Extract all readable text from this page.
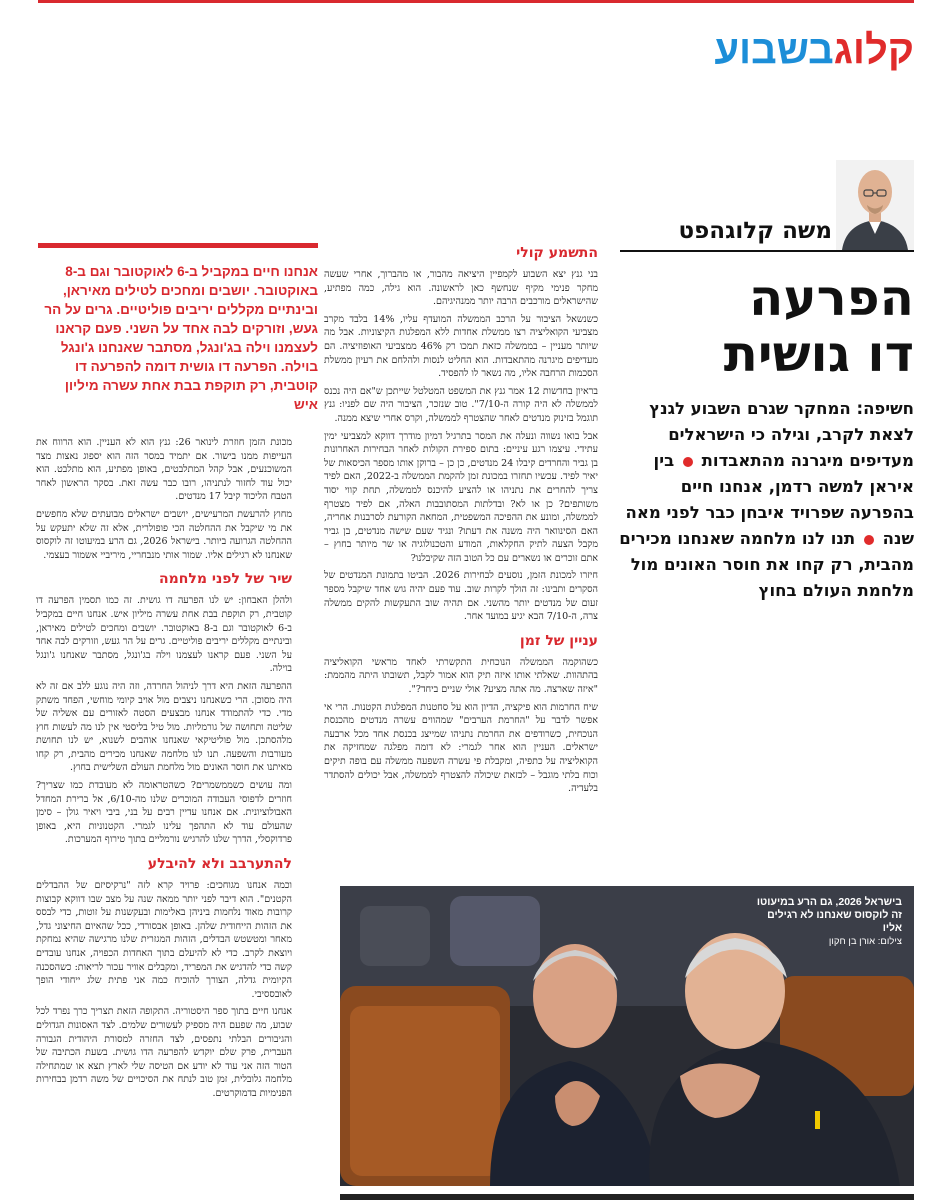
קלוגבשבוע
משה קלוגהפט
הפרעה
דו גושית
חשיפה: המחקר שגרם השבוע לגנץ לצאת לקרב, וגילה כי הישראלים מעדיפים מיגרנה מהתאבדות  בין איראן למשה רדמן, אנחנו חיים בהפרעה שפרויד איבחן כבר לפני מאה שנה  תנו לנו מלחמה שאנחנו מכירים מהבית, רק קחו את חוסר האונים מול מלחמת העולם בחוץ
אנחנו חיים במקביל ב-6 לאוקטובר וגם ב-8 באוקטובר. יושבים ומחכים לטילים מאיראן, ובינתיים מקללים יריבים פוליטיים. גרים על הר געש, וזורקים לבה אחד על השני. פעם קראנו לעצמנו וילה בג'ונגל, מסתבר שאנחנו ג'ונגל בוילה. הפרעה דו גושית דומה להפרעה דו קוטבית, רק תוקפת בבת אחת עשרה מיליון איש
התשמע קולי

בני גנץ יצא השבוע לקמפיין היציאה מהבור, או מהברוך, אחרי שעשה מחקר פנימי מקיף שנחשף כאן לראשונה. הוא גילה, כמה מפתיע, שהישראלים מורכבים הרבה יותר ממנהיגיהם.

כשנשאל הציבור על הרכב הממשלה המועדף עליו, 14% בלבד מקרב מצביעי הקואליציה רצו ממשלת אחדות ללא המפלגות הקיצוניות. אבל מה שיותר מעניין – בממשלה כזאת תמכו רק 46% ממצביעי האופוזיציה. הם מעדיפים מיגרנה מהתאבדות. הוא החליט לנסות ולהלחם את רעיון ממשלת הסכמות הרחבה אליו, מה נשאר לו להפסיד.

בראיון בחדשות 12 אמר גנץ את המשפט המטלטל שייתכן ש"אם היה נכנס לממשלה לא היה קורה ה-7/10". טוב שנזכר, הציבור היה שם לפניו: גנץ תוגמל בזינוק מנדטים לאחר שהצטרף לממשלה, וקרס אחרי שיצא ממנה.

אבל בואו נשווה ונעלה את המסר בתרגיל דמיון מודרך דווקא למצביעי ימין עתידי. עיצמו רגע עיניים: בתום ספירת הקולות לאחר הבחירות האחרונות בן גביר והחרדים קיבלו 24 מנדטים, כן כן – ברוקן אותו מספר הכיסאות של יאיר לפיד. עכשיו תחזרו במכונת זמן להקמת הממשלה ב-2022, האם לפיד צריך להחרים את נתניהו או להציע להיכנס לממשלה, תחת קווי יסוד משותפים? כן או לא? ובדלתות המסתובבות האלה, אם לפיד מצטרף לממשלה, ומונע את ההפיכה המשפטית, המחאה הקורעת לסרבנות אחריה, האם הסינוואר היה משנה את דעתו? ונגיד שעם שישה מנדטים, בן גביר מקבל הצעה לתיק החקלאות, המודע והטכנולוגיה או שר מיותר בחוץ – אתם זוכרים או נשארים עם כל הטוב הזה שקיבלנו?

חיזרו למכונת הזמן, נוסעים לבחירות 2026. הביטו בתמונת המנדטים של הסקרים ותבינו: זה הולך לקרות שוב. עוד פעם יהיה גוש אחד שיקבל מספר זעום של מנדטים יותר מהשני. אם תהיה שוב התעקשות להקים ממשלה צרה, ה-7/10 הבא יגיע במועד אחר.

עניין של זמן

כשהוקמה הממשלה הנוכחית התקשרתי לאחד מראשי הקואליציה בהתהוות. שאלתי אותו איזה תיק הוא אמור לקבל, תשובתו היתה מהממת: "איזה שארצה. מה אתה מציע? אולי שניים ביחד?".

שיח החרמות הוא פיקציה, הדיון הוא על סחטנות המפלגות הקטנות. הרי אי אפשר לדבר על "החרמת הערבים" שמהווים עשרה מנדטים מהכנסת הנוכחית, כשרודפים את החרמת נתניהו שמייצג בכנסת אחד מכל ארבעה ישראלים. העניין הוא אחר לגמרי: לא דומה מפלגה שמחזיקה את הקואליציה על כתפיה, ומקבלת פי עשרה השפעה ממשלה עם בופה תיקים וכוח בלתי מוגבל – לכזאת שיכולה להצטרף לממשלה, אבל יכולים להסתדר בלעדיה.

מכונת הזמן חוזרת לינואר 26: גנץ הוא לא העניין. הוא הרווח את העייפות ממנו בישור. אם יתמיד במסר הזה הוא יספוג נאצות מצד המשוכנעים, אבל קהל המתלבטים, באופן מפתיע, הוא מתלבט. הוא יכול עוד לחזור לנתניהו, רובו כבר עשה זאת. בסקר הראשון לאחר הטבח הליכוד קיבל 17 מנדטים.

מחוץ להרעשת המרעישים, יושבים ישראלים מבועתים שלא מחפשים את מי שיקבל את ההחלטה הכי פופולרית, אלא זה שלא יתעקש על ההחלטה הגרועה ביותר. בישראל 2026, גם הרע במיעוטו זה לוקסוס שאנחנו לא רגילים אליו. שמור אותי מנבחריי, מיריביי אשמור בעצמי.

שיר של לפני מלחמה

ולהלן האבחון: יש לנו הפרעה דו גושית. זה כמו תסמין הפרעה דו קוטבית, רק תוקפת בבת אחת עשרה מיליון איש. אנחנו חיים במקביל ב-6 לאוקטובר וגם ב-8 באוקטובר. יושבים ומחכים לטילים מאיראן, ובינתיים מקללים יריבים פוליטיים. גרים על הר געש, וזורקים לבה אחד על השני. פעם קראנו לעצמנו וילה בג'ונגל, מסתבר שאנחנו ג'ונגל בוילה.

ההפרעה הזאת היא דרך לניהול החרדה, וזה היה נוגע ללב אם זה לא היה מסוכן. הרי כשאנחנו ניצבים מול אויב קיומי מוחשי, הפחד משתק מדי. כדי להתמודד אנחנו מבצעים הסטה לאזורים עם אשליה של שליטה ותחושה של גורמליות. מול טיל בליסטי אין לנו מה לעשות חוץ מלהסתכן. מול פוליטיקאי שאנחנו אוהבים לשנוא, יש לנו תחושת מעורבות והשפעה. תנו לנו מלחמה שאנחנו מכירים מהבית, רק קחו מאיתנו את חוסר האונים מול מלחמת העולם השלישית בחוץ.

ומה עושים כשממשמרים? כשהטראומה לא מעובדת כמו שצריך? חוזרים לדפוסי העבודה המוכרים שלנו מה-6/10, אל ברירת המחדל האבולוציונית. אם אנחנו עדיין רבים על בני, ביבי ויאיר גולן – סימן שהעולם עוד לא התהפך עלינו לגמרי. הקטנוניות היא, באופן פרדוקסלי, הדרך שלנו להרגיש נורמליים בתוך טירוף המערכות.

להתערבב ולא להיבלע

וכמה אנחנו מגוחכים: פרויד קרא לזה "נרקיסיזם של ההבדלים הקטנים". הוא דיבר לפני יותר ממאה שנה על מצב שבו דווקא קבוצות קרובות מאוד נלחמות ביניהן באלימות ובעקשנות על זוטות, כדי לבסס את הזהות הייחודית שלהן. באופן אבסורדי, ככל שהאיום החיצוני גדל, מאחר ומטשטש הבדלים, הזהות המגזרית שלנו מרגישה שהיא נמחקת ויוצאת לקרב. כדי לא להיעלם בתוך האחדות הכפויה, אנחנו עובדים קשה כדי להדגיש את המפריד, ומקבלים אוויר עכור לריאות: כשהסכנה הקיומית גדלה, הצורך להוכיח כמה אני פתית שלג ייחודי הופך לאובססיבי.

אנחנו חיים בתוך ספר היסטוריה. התקופה הזאת תצריך כרך נפרד לכל שבוע, מה שפעם היה מספיק לעשורים שלמים. לצד האסונות הגדולים והגיבורים הבלתי נתפסים, לצד החזרה למסורת היהודית הגבורה העברית, פרק שלם יוקדש להפרעה הדו גושית. בשעת הכתיבה של הטור הזה אני עוד לא יודע אם הטיסה שלי לארץ תצא או שמתחילה מלחמה גלובלית, זמן טוב לנתח את הסיכויים של משה רדמן בבחירות הפנימיות בדמוקרטים.

בישראל 2026, גם הרע במיעוטו זה לוקסוס שאנחנו לא רגילים אליו
צילום: אורן בן חקון
